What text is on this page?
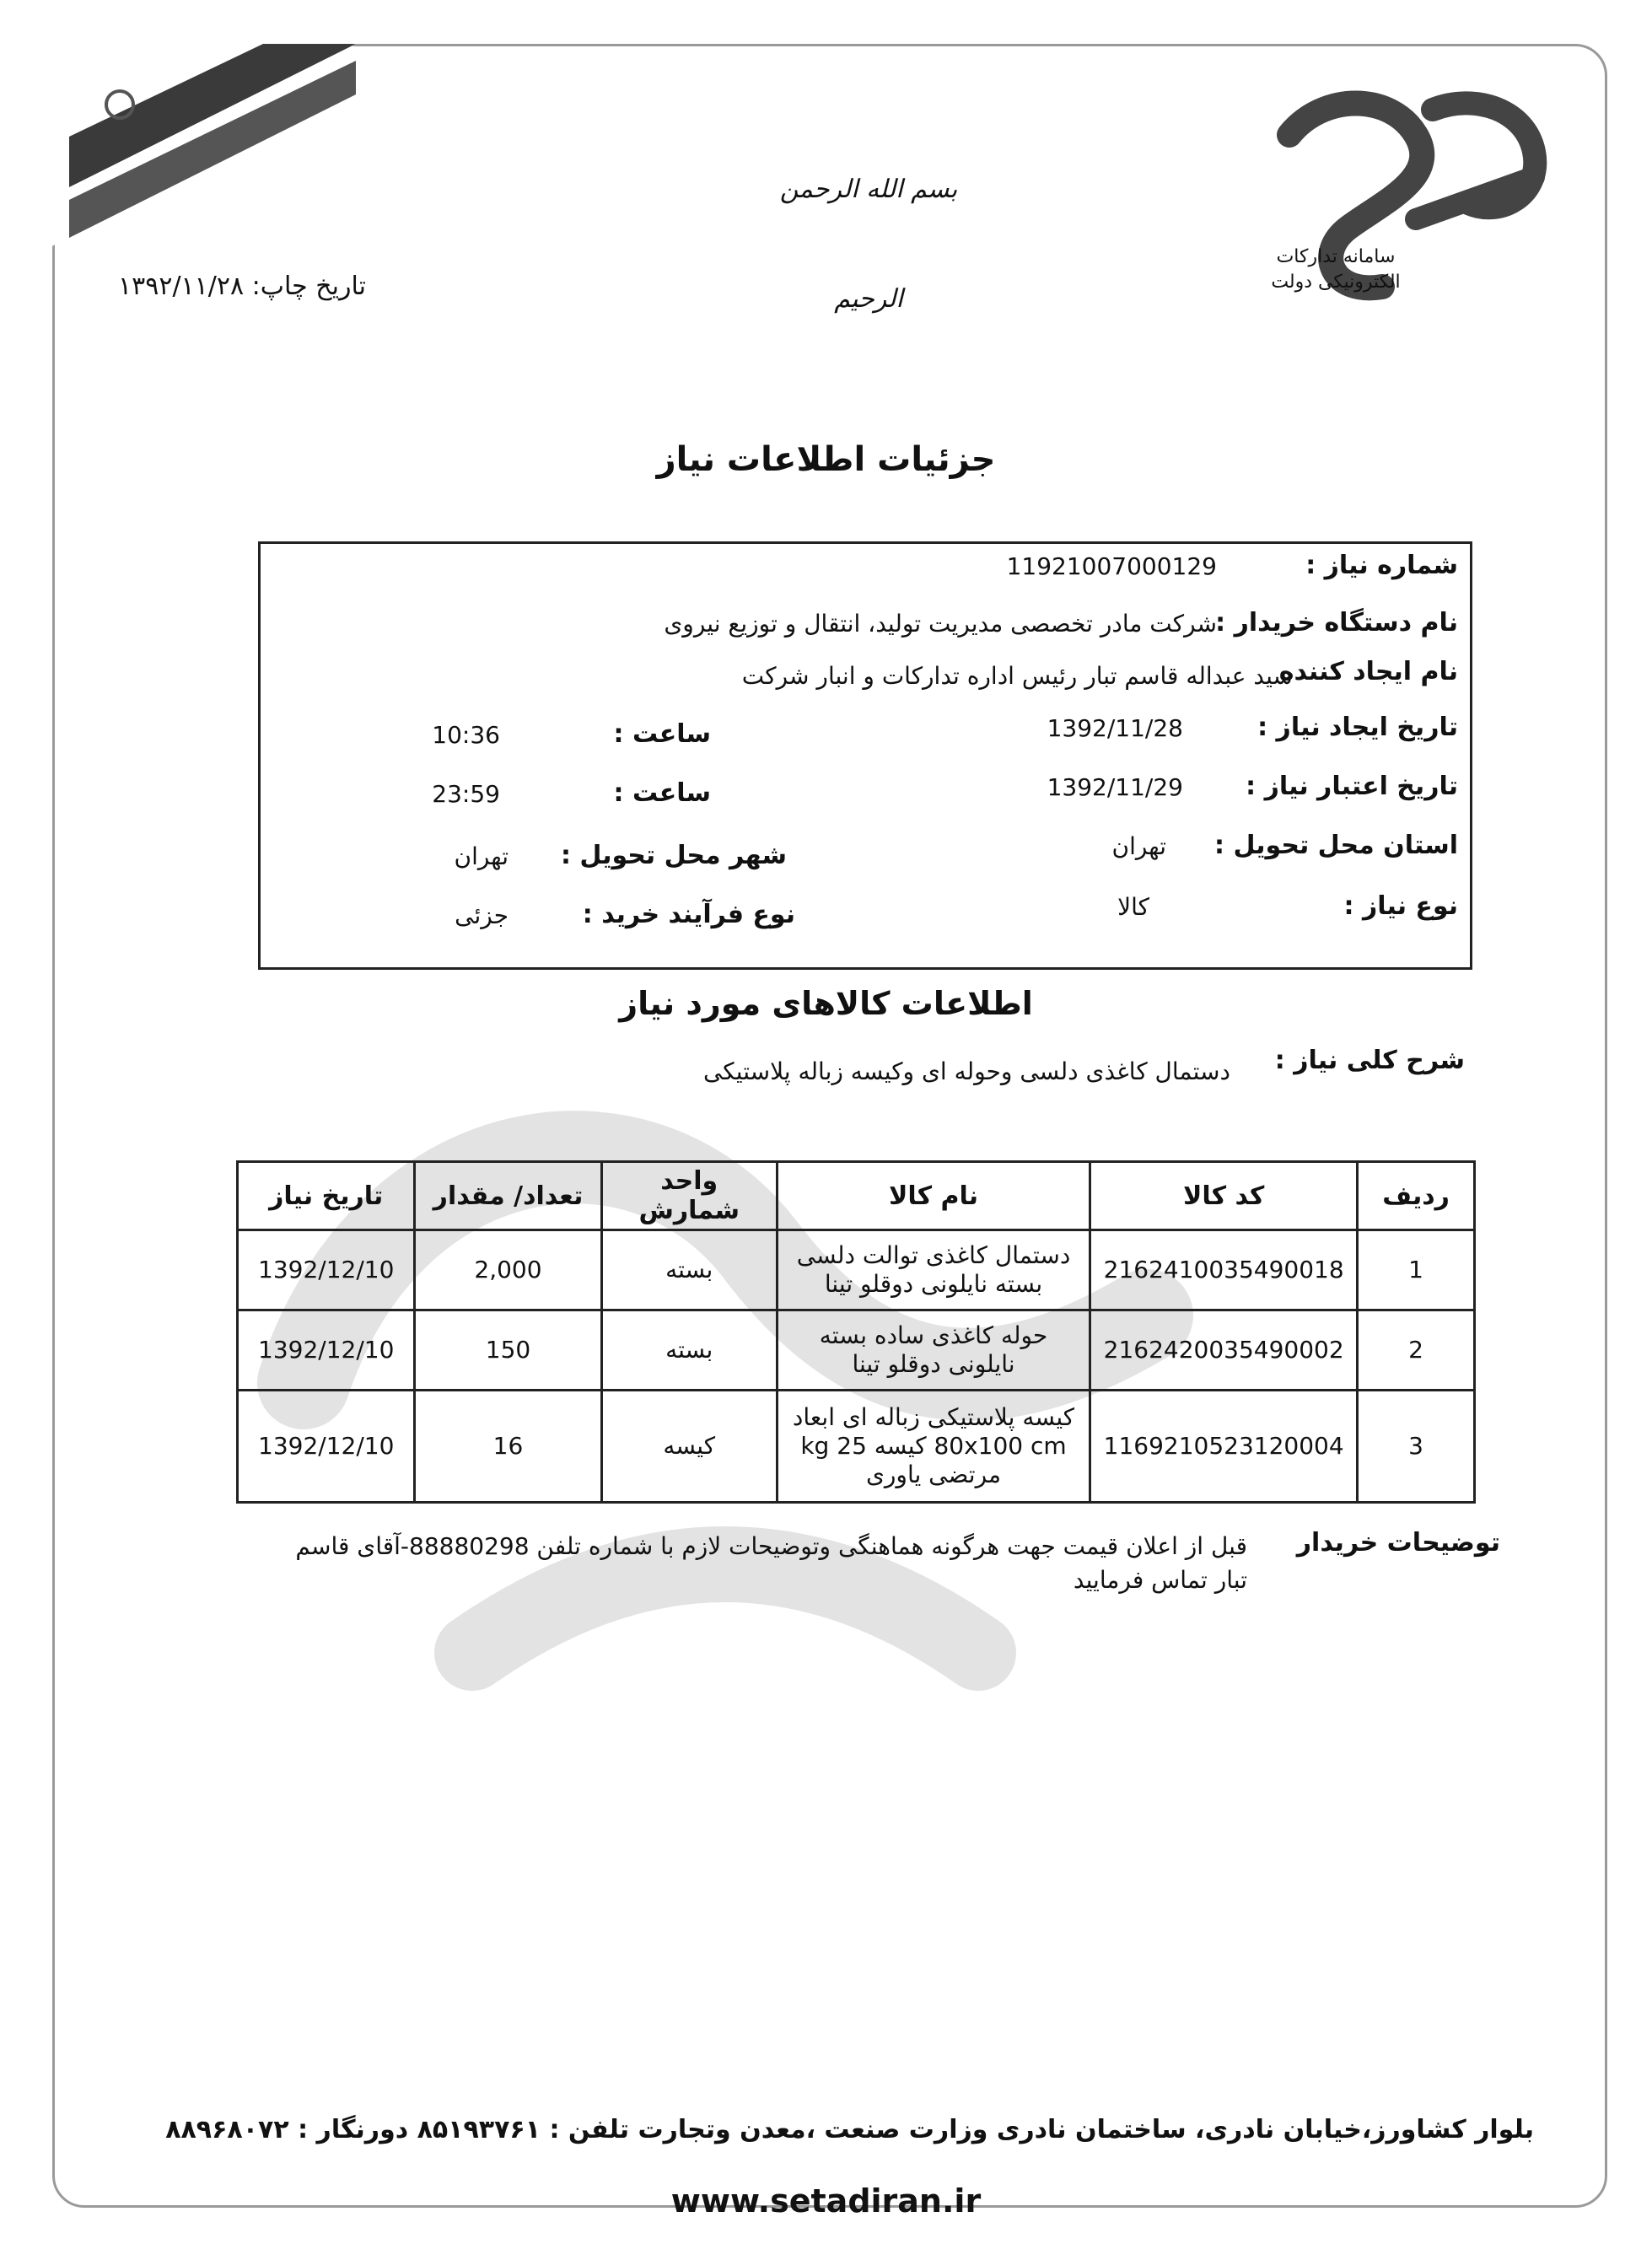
سامانه تدارکات الکترونیکی دولت
بسم الله الرحمن الرحیم
تاریخ چاپ: ۱۳۹۲/۱۱/۲۸
جزئیات اطلاعات نیاز
شماره نیاز :
11921007000129
نام دستگاه خریدار :
شرکت مادر تخصصی مدیریت تولید، انتقال و توزیع نیروی
نام ایجاد کننده
سید عبداله قاسم تبار رئیس اداره تدارکات و انبار شرکت
تاریخ ایجاد نیاز :
1392/11/28
ساعت :
10:36
تاریخ اعتبار نیاز :
1392/11/29
ساعت :
23:59
استان محل تحویل :
تهران
شهر محل تحویل :
تهران
نوع نیاز :
کالا
نوع فرآیند خرید :
جزئی
اطلاعات کالاهای مورد نیاز
شرح کلی نیاز :
دستمال کاغذی دلسی وحوله ای وکیسه زباله پلاستیکی
ردیف	کد کالا	نام کالا	واحد شمارش	تعداد/ مقدار	تاریخ نیاز
1	2162410035490018	دستمال کاغذی توالت دلسی بسته نایلونی دوقلو تینا	بسته	2,000	1392/12/10
2	2162420035490002	حوله کاغذی ساده بسته نایلونی دوقلو تینا	بسته	150	1392/12/10
3	1169210523120004	کیسه پلاستیکی زباله ای ابعاد 80x100 cm کیسه 25 kg مرتضی یاوری	کیسه	16	1392/12/10
توضیحات خریدار
قبل از اعلان قیمت جهت هرگونه هماهنگی وتوضیحات لازم با شماره تلفن 88880298-آقای قاسم تبار تماس فرمایید
بلوار کشاورز،خیابان نادری، ساختمان نادری وزارت صنعت ،معدن وتجارت تلفن : ۸۵۱۹۳۷۶۱ دورنگار : ۸۸۹۶۸۰۷۲
www.setadiran.ir
